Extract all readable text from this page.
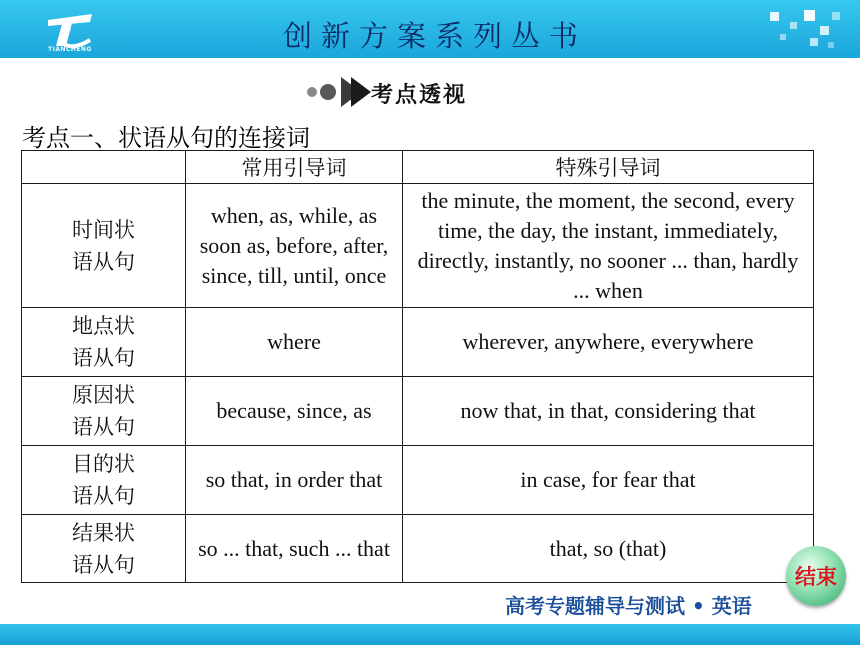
TIANCHENG	创新方案系列丛书
考点透视
考点一、状语从句的连接词
	常用引导词	特殊引导词
时间状
语从句	when, as, while, as soon as, before, after, since, till, until, once	the minute, the moment, the second, every time, the day, the instant, immediately, directly, instantly, no sooner ... than, hardly ... when
地点状
语从句	where	wherever, anywhere, everywhere
原因状
语从句	because, since, as	now that, in that, considering that
目的状
语从句	so that, in order that	in case, for fear that
结果状
语从句	so ... that, such ... that	that, so (that)
结束
高考专题辅导与测试 • 英语
